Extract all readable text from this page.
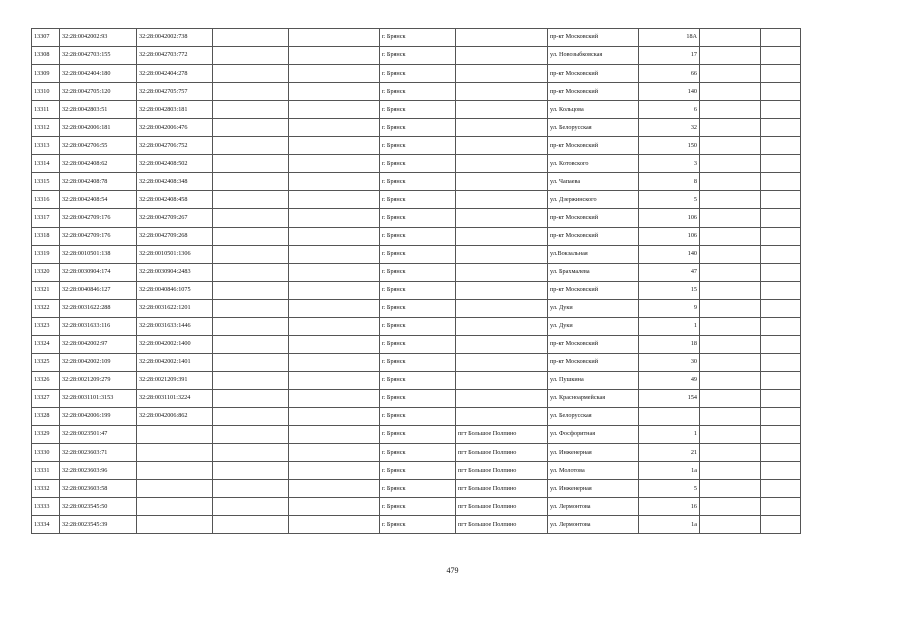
13307	32:28:0042002:93	32:28:0042002:738			г. Брянск		пр-кт Московский	18А		
13308	32:28:0042703:155	32:28:0042703:772			г. Брянск		ул. Новозыбковская	17		
13309	32:28:0042404:180	32:28:0042404:278			г. Брянск		пр-кт Московский	66		
13310	32:28:0042705:120	32:28:0042705:757			г. Брянск		пр-кт Московский	140		
13311	32:28:0042803:51	32:28:0042803:181			г. Брянск		ул. Кольцова	6		
13312	32:28:0042006:181	32:28:0042006:476			г. Брянск		ул. Белорусская	32		
13313	32:28:0042706:55	32:28:0042706:752			г. Брянск		пр-кт Московский	150		
13314	32:28:0042408:62	32:28:0042408:502			г. Брянск		ул. Котовского	3		
13315	32:28:0042408:78	32:28:0042408:348			г. Брянск		ул. Чапаева	8		
13316	32:28:0042408:54	32:28:0042408:458			г. Брянск		ул. Дзержинского	5		
13317	32:28:0042709:176	32:28:0042709:267			г. Брянск		пр-кт Московский	106		
13318	32:28:0042709:176	32:28:0042709:268			г. Брянск		пр-кт Московский	106		
13319	32:28:0010501:138	32:28:0010501:1306			г. Брянск		ул.Вокзальная	140		
13320	32:28:0030904:174	32:28:0030904:2483			г. Брянск		ул. Брахмалева	47		
13321	32:28:0040846:127	32:28:0040846:1075			г. Брянск		пр-кт Московский	15		
13322	32:28:0031622:288	32:28:0031622:1201			г. Брянск		ул. Дуки	9		
13323	32:28:0031633:116	32:28:0031633:1446			г. Брянск		ул. Дуки	1		
13324	32:28:0042002:97	32:28:0042002:1400			г. Брянск		пр-кт Московский	18		
13325	32:28:0042002:109	32:28:0042002:1401			г. Брянск		пр-кт Московский	30		
13326	32:28:0021209:279	32:28:0021209:391			г. Брянск		ул. Пушкина	49		
13327	32:28:0031101:3153	32:28:0031101:3224			г. Брянск		ул. Красноармейская	154		
13328	32:28:0042006:199	32:28:0042006:862			г. Брянск		ул. Белорусская			
13329	32:28:0023501:47				г. Брянск	пгт Большое Полпино	ул. Фосфоритная	1		
13330	32:28:0023603:71				г. Брянск	пгт Большое Полпино	ул. Инженерная	21		
13331	32:28:0023603:96				г. Брянск	пгт Большое Полпино	ул. Молотова	1а		
13332	32:28:0023603:58				г. Брянск	пгт Большое Полпино	ул. Инженерная	5		
13333	32:28:0023545:50				г. Брянск	пгт Большое Полпино	ул. Лермонтова	16		
13334	32:28:0023545:39				г. Брянск	пгт Большое Полпино	ул. Лермонтова	1а		
479
